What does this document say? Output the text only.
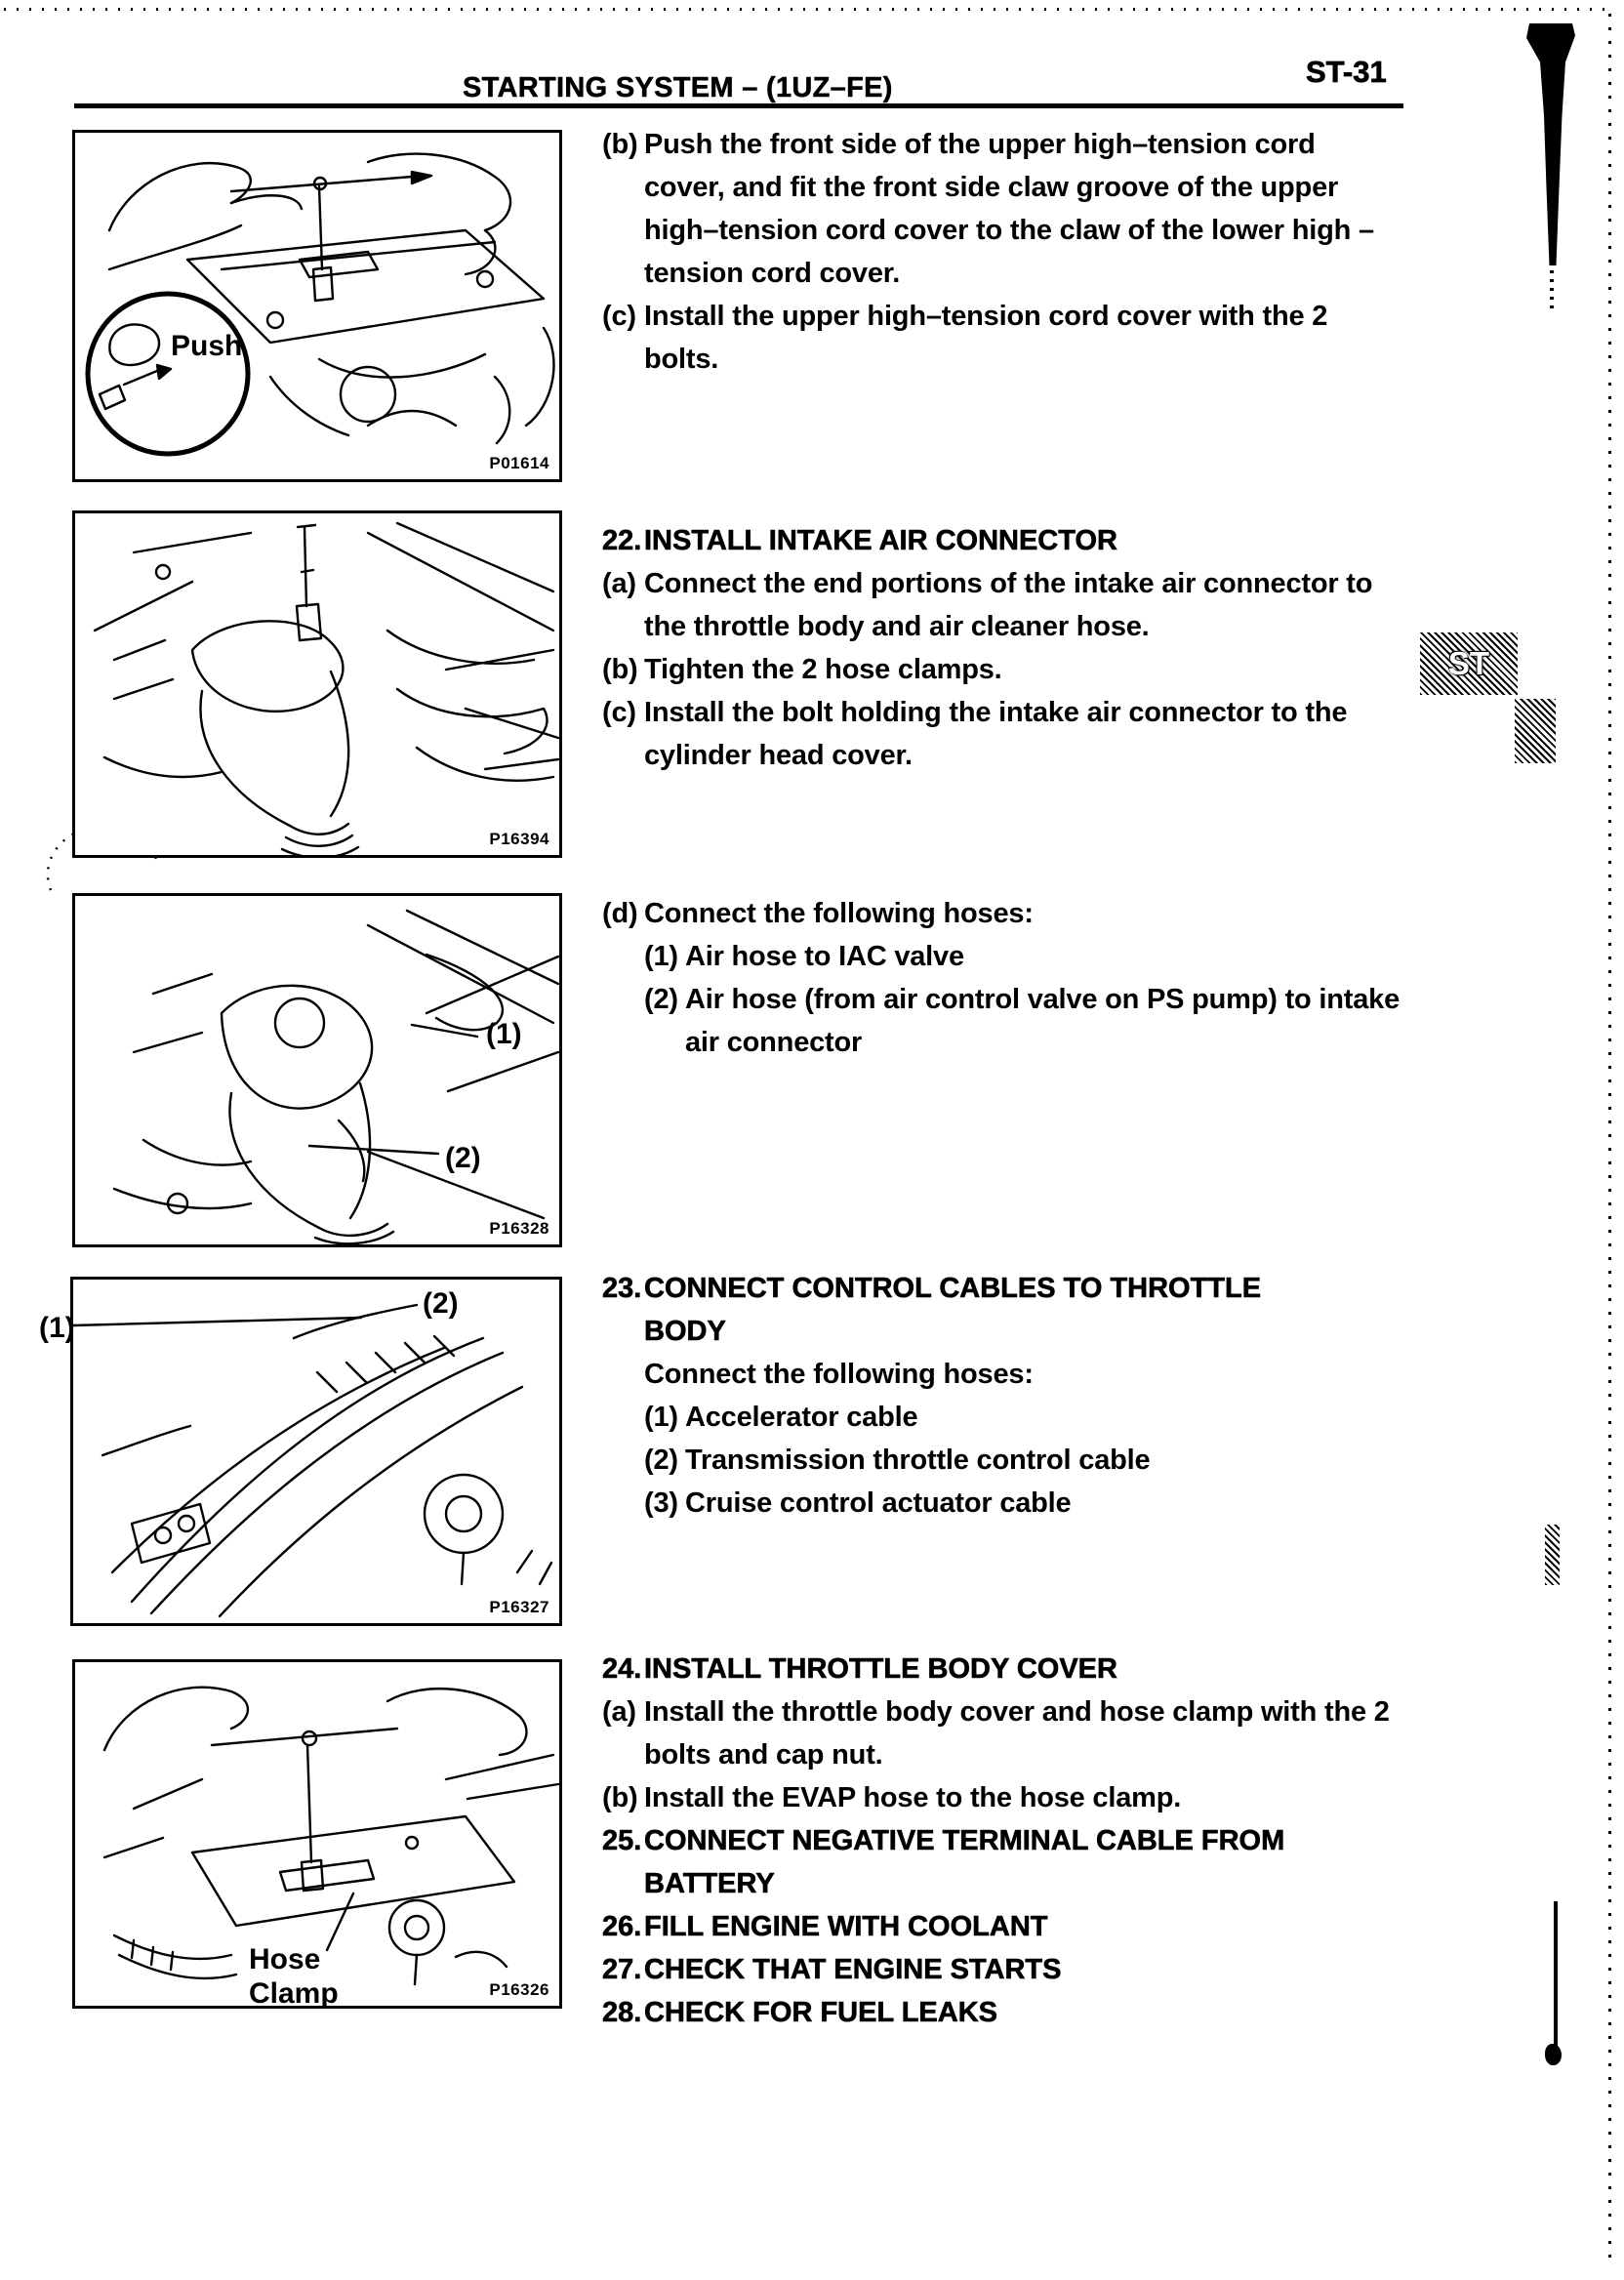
ST
STARTING SYSTEM – (1UZ–FE)	ST-31
Push
P01614
P16394
(1)
(2)
P16328
(2)
P16327
(1)
Hose
Clamp	P16326
(b) Push the front side of the upper high–tension cord cover, and fit the front side claw groove of the upper high–tension cord cover to the claw of the lower high –tension cord cover.
(c) Install the upper high–tension cord cover with the 2 bolts.
22. INSTALL INTAKE AIR CONNECTOR
(a) Connect the end portions of the intake air connector to the throttle body and air cleaner hose.
(b) Tighten the 2 hose clamps.
(c) Install the bolt holding the intake air connector to the cylinder head cover.
(d) Connect the following hoses:
(1) Air hose to IAC valve
(2) Air hose (from air control valve on PS pump) to intake air connector
23. CONNECT CONTROL CABLES TO THROTTLE BODY
Connect the following hoses:
(1) Accelerator cable
(2) Transmission throttle control cable
(3) Cruise control actuator cable
24. INSTALL THROTTLE BODY COVER
(a) Install the throttle body cover and hose clamp with the 2 bolts and cap nut.
(b) Install the EVAP hose to the hose clamp.
25. CONNECT NEGATIVE TERMINAL CABLE FROM BATTERY
26. FILL ENGINE WITH COOLANT
27. CHECK THAT ENGINE STARTS
28. CHECK FOR FUEL LEAKS
